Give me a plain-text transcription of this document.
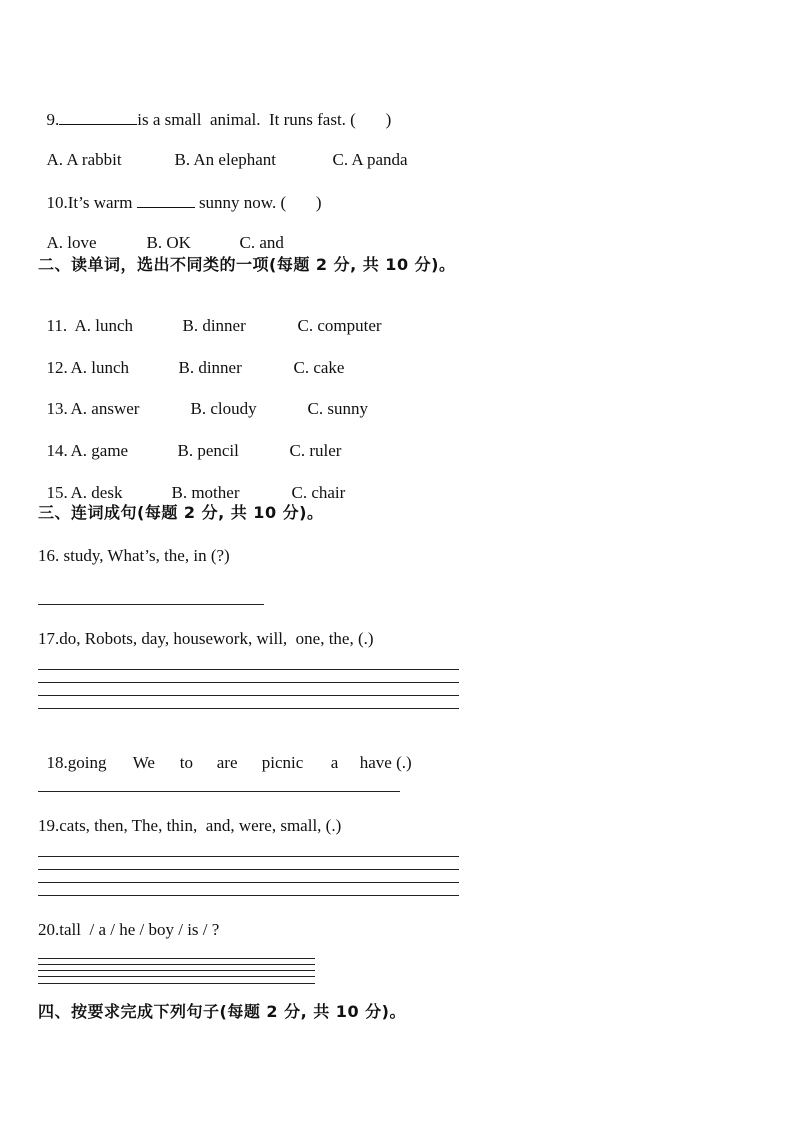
9.	is a small  animal.  It runs fast. (       )

A. A rabbit	B. An elephant	C. A panda

10.It’s warm	sunny now. (       )

A. love	B. OK	C. and

二、读单词，选出不同类的一项(每题 2 分, 共 10 分)。

11. A. lunch	B. dinner	C. computer

12. A. lunch	B. dinner	C. cake

13. A. answer	B. cloudy	C. sunny

14. A. game	B. pencil	C. ruler

15. A. desk	B. mother	C. chair

三、连词成句(每题 2 分, 共 10 分)。
16. study, What’s, the, in (?)
17.do, Robots, day, housework, will,  one, the, (.)

18.going We to are picnic a have (.)

19.cats, then, The, thin,  and, were, small, (.)
20.tall  / a / he / boy / is / ?
四、按要求完成下列句子(每题 2 分, 共 10 分)。
